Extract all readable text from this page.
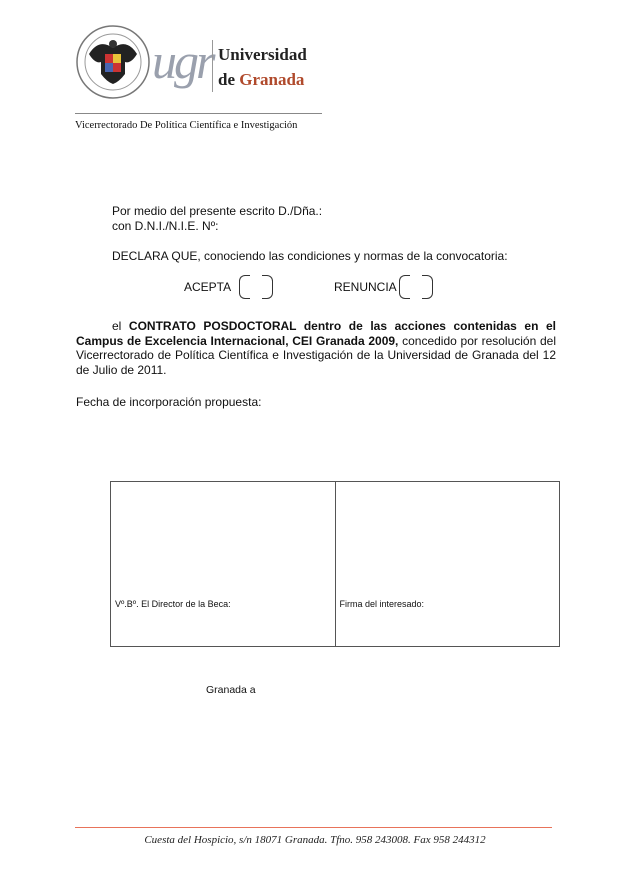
ugr Universidad
de Granada
Vicerrectorado De Política Científica e Investigación
Por medio del presente escrito D./Dña.:
con D.N.I./N.I.E. Nº:
DECLARA QUE, conociendo las condiciones y normas de la convocatoria:
ACEPTA	RENUNCIA
el CONTRATO POSDOCTORAL dentro de las acciones contenidas en el Campus de Excelencia Internacional, CEI Granada 2009, concedido por resolución del Vicerrectorado de Política Científica e Investigación de la Universidad de Granada del 12 de Julio de 2011.
Fecha de incorporación propuesta:
Vº.Bº. El Director de la Beca:	Firma del interesado:
Granada a
Cuesta del Hospicio, s/n 18071 Granada. Tfno. 958 243008. Fax 958 244312
